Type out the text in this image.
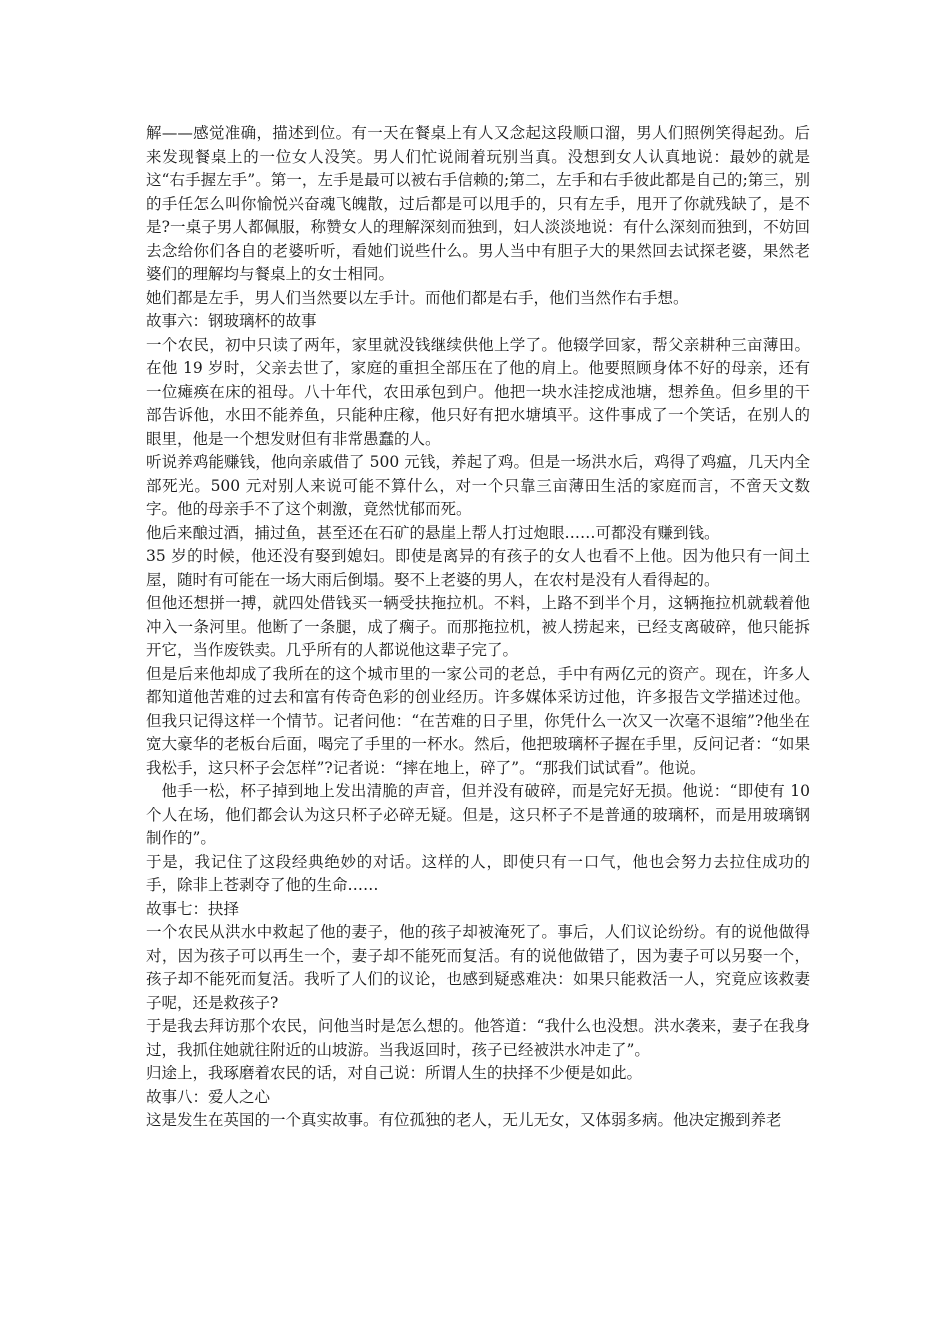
解——感觉准确，描述到位。有一天在餐桌上有人又念起这段顺口溜，男人们照例笑得起劲。后来发现餐桌上的一位女人没笑。男人们忙说闹着玩别当真。没想到女人认真地说：最妙的就是这“右手握左手”。第一，左手是最可以被右手信赖的;第二，左手和右手彼此都是自己的;第三，别的手任怎么叫你愉悦兴奋魂飞魄散，过后都是可以甩手的，只有左手，甩开了你就残缺了，是不是?一桌子男人都佩服，称赞女人的理解深刻而独到，妇人淡淡地说：有什么深刻而独到，不妨回去念给你们各自的老婆听听，看她们说些什么。男人当中有胆子大的果然回去试探老婆，果然老婆们的理解均与餐桌上的女士相同。

她们都是左手，男人们当然要以左手计。而他们都是右手，他们当然作右手想。

故事六：钢玻璃杯的故事

一个农民，初中只读了两年，家里就没钱继续供他上学了。他辍学回家，帮父亲耕种三亩薄田。在他 19 岁时，父亲去世了，家庭的重担全部压在了他的肩上。他要照顾身体不好的母亲，还有一位瘫痪在床的祖母。八十年代，农田承包到户。他把一块水洼挖成池塘，想养鱼。但乡里的干部告诉他，水田不能养鱼，只能种庄稼，他只好有把水塘填平。这件事成了一个笑话，在别人的眼里，他是一个想发财但有非常愚蠢的人。

听说养鸡能赚钱，他向亲戚借了 500 元钱，养起了鸡。但是一场洪水后，鸡得了鸡瘟，几天内全部死光。500 元对别人来说可能不算什么，对一个只靠三亩薄田生活的家庭而言，不啻天文数字。他的母亲手不了这个刺激，竟然忧郁而死。

他后来酿过酒，捕过鱼，甚至还在石矿的悬崖上帮人打过炮眼……可都没有赚到钱。

35 岁的时候，他还没有娶到媳妇。即使是离异的有孩子的女人也看不上他。因为他只有一间土屋，随时有可能在一场大雨后倒塌。娶不上老婆的男人，在农村是没有人看得起的。

但他还想拼一搏，就四处借钱买一辆受扶拖拉机。不料，上路不到半个月，这辆拖拉机就载着他冲入一条河里。他断了一条腿，成了瘸子。而那拖拉机，被人捞起来，已经支离破碎，他只能拆开它，当作废铁卖。几乎所有的人都说他这辈子完了。

但是后来他却成了我所在的这个城市里的一家公司的老总，手中有两亿元的资产。现在，许多人都知道他苦难的过去和富有传奇色彩的创业经历。许多媒体采访过他，许多报告文学描述过他。但我只记得这样一个情节。记者问他：“在苦难的日子里，你凭什么一次又一次毫不退缩”?他坐在宽大豪华的老板台后面，喝完了手里的一杯水。然后，他把玻璃杯子握在手里，反问记者：“如果我松手，这只杯子会怎样”?记者说：“摔在地上，碎了”。“那我们试试看”。他说。

他手一松，杯子掉到地上发出清脆的声音，但并没有破碎，而是完好无损。他说：“即使有 10 个人在场，他们都会认为这只杯子必碎无疑。但是，这只杯子不是普通的玻璃杯，而是用玻璃钢制作的”。

于是，我记住了这段经典绝妙的对话。这样的人，即使只有一口气，他也会努力去拉住成功的手，除非上苍剥夺了他的生命……

故事七：抉择

一个农民从洪水中救起了他的妻子，他的孩子却被淹死了。事后，人们议论纷纷。有的说他做得对，因为孩子可以再生一个，妻子却不能死而复活。有的说他做错了，因为妻子可以另娶一个，孩子却不能死而复活。我听了人们的议论，也感到疑惑难决：如果只能救活一人，究竟应该救妻子呢，还是救孩子?

于是我去拜访那个农民，问他当时是怎么想的。他答道：“我什么也没想。洪水袭来，妻子在我身过，我抓住她就往附近的山坡游。当我返回时，孩子已经被洪水冲走了”。

归途上，我琢磨着农民的话，对自己说：所谓人生的抉择不少便是如此。

故事八：爱人之心

这是发生在英国的一个真实故事。有位孤独的老人，无儿无女，又体弱多病。他决定搬到养老
